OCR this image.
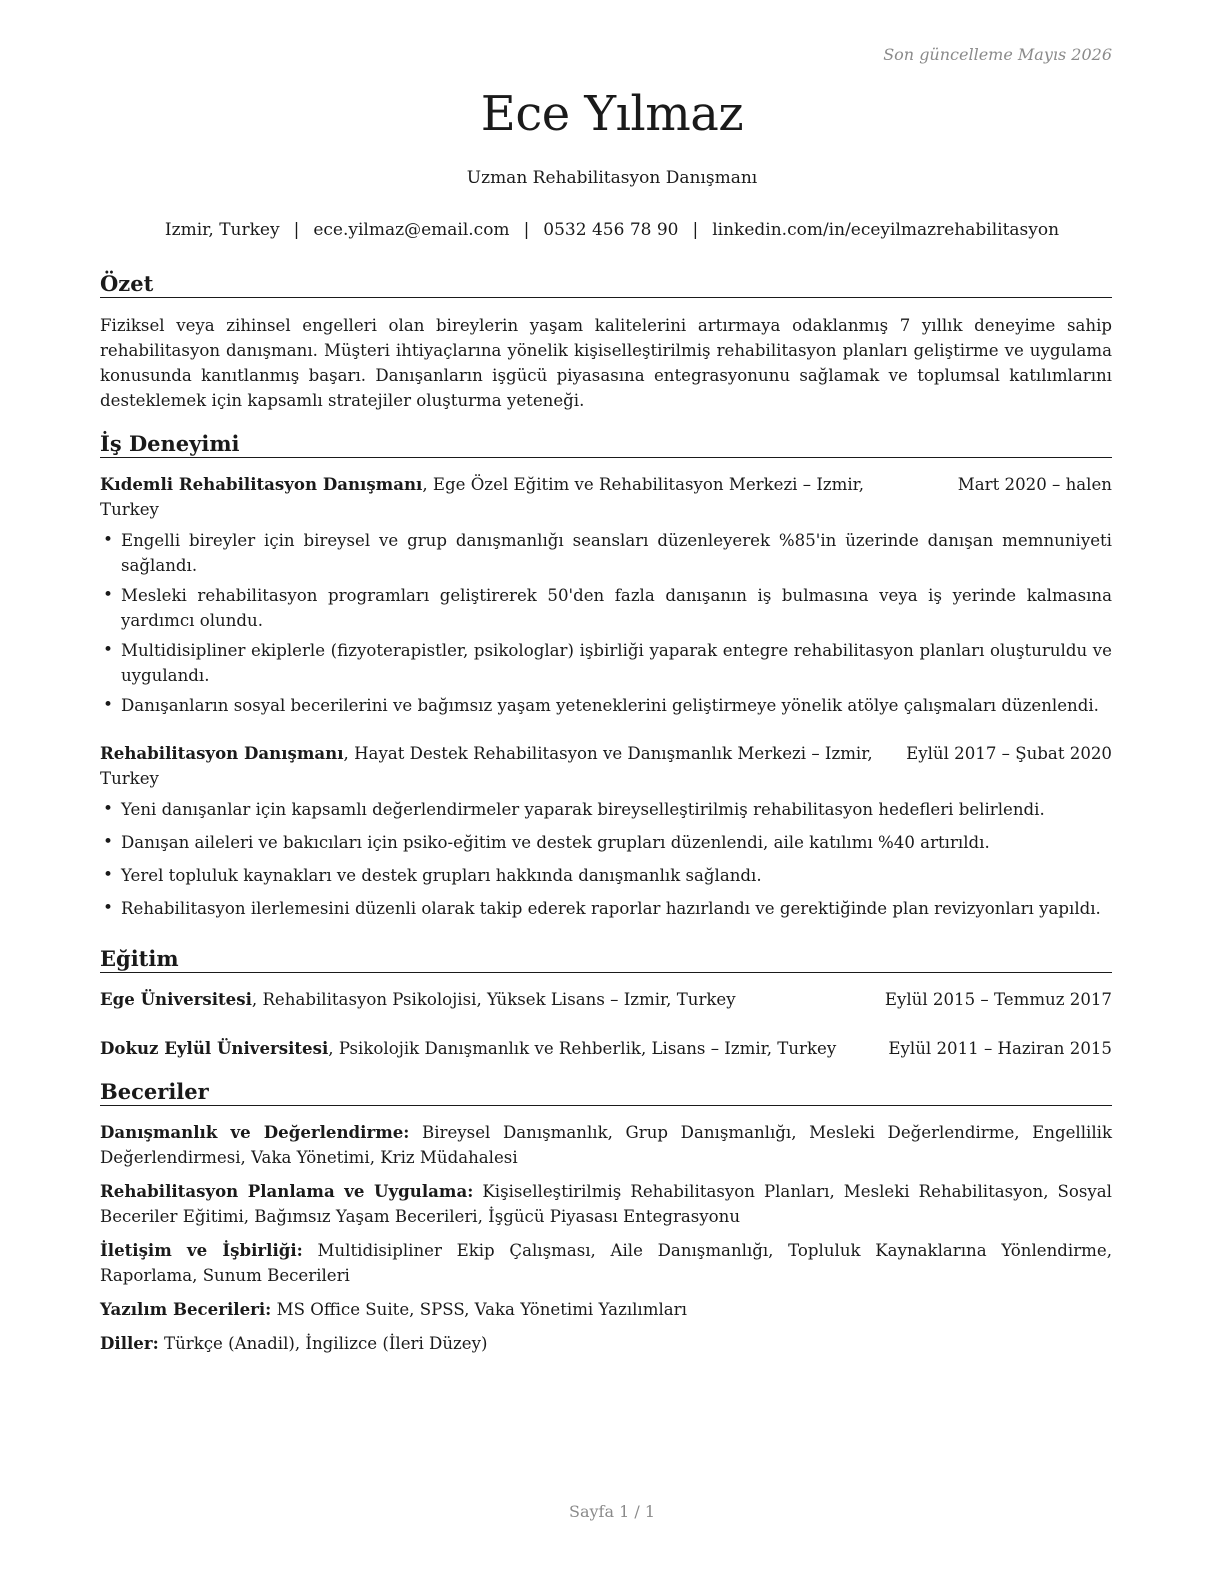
Son güncelleme Mayıs 2026
Ece Yılmaz
Uzman Rehabilitasyon Danışmanı
Izmir, Turkey | ece.yilmaz@email.com | 0532 456 78 90 | linkedin.com/in/eceyilmazrehabilitasyon
Özet
Fiziksel veya zihinsel engelleri olan bireylerin yaşam kalitelerini artırmaya odaklanmış 7 yıllık deneyime sahip rehabilitasyon danışmanı. Müşteri ihtiyaçlarına yönelik kişiselleştirilmiş rehabilitasyon planları geliştirme ve uygulama konusunda kanıtlanmış başarı. Danışanların işgücü piyasasına entegrasyonunu sağlamak ve toplumsal katılımlarını desteklemek için kapsamlı stratejiler oluşturma yeteneği.
İş Deneyimi
Kıdemli Rehabilitasyon Danışmanı, Ege Özel Eğitim ve Rehabilitasyon Merkezi – Izmir, Turkey
Mart 2020 – halen
• Engelli bireyler için bireysel ve grup danışmanlığı seansları düzenleyerek %85'in üzerinde danışan memnuniyeti sağlandı.
• Mesleki rehabilitasyon programları geliştirerek 50'den fazla danışanın iş bulmasına veya iş yerinde kalmasına yardımcı olundu.
• Multidisipliner ekiplerle (fizyoterapistler, psikologlar) işbirliği yaparak entegre rehabilitasyon planları oluşturuldu ve uygulandı.
• Danışanların sosyal becerilerini ve bağımsız yaşam yeteneklerini geliştirmeye yönelik atölye çalışmaları düzenlendi.
Rehabilitasyon Danışmanı, Hayat Destek Rehabilitasyon ve Danışmanlık Merkezi – Izmir, Turkey
Eylül 2017 – Şubat 2020
• Yeni danışanlar için kapsamlı değerlendirmeler yaparak bireyselleştirilmiş rehabilitasyon hedefleri belirlendi.
• Danışan aileleri ve bakıcıları için psiko-eğitim ve destek grupları düzenlendi, aile katılımı %40 artırıldı.
• Yerel topluluk kaynakları ve destek grupları hakkında danışmanlık sağlandı.
• Rehabilitasyon ilerlemesini düzenli olarak takip ederek raporlar hazırlandı ve gerektiğinde plan revizyonları yapıldı.
Eğitim
Ege Üniversitesi, Rehabilitasyon Psikolojisi, Yüksek Lisans – Izmir, Turkey	Eylül 2015 – Temmuz 2017
Dokuz Eylül Üniversitesi, Psikolojik Danışmanlık ve Rehberlik, Lisans – Izmir, Turkey	Eylül 2011 – Haziran 2015
Beceriler
Danışmanlık ve Değerlendirme: Bireysel Danışmanlık, Grup Danışmanlığı, Mesleki Değerlendirme, Engellilik Değerlendirmesi, Vaka Yönetimi, Kriz Müdahalesi
Rehabilitasyon Planlama ve Uygulama: Kişiselleştirilmiş Rehabilitasyon Planları, Mesleki Rehabilitasyon, Sosyal Beceriler Eğitimi, Bağımsız Yaşam Becerileri, İşgücü Piyasası Entegrasyonu
İletişim ve İşbirliği: Multidisipliner Ekip Çalışması, Aile Danışmanlığı, Topluluk Kaynaklarına Yönlendirme, Raporlama, Sunum Becerileri
Yazılım Becerileri: MS Office Suite, SPSS, Vaka Yönetimi Yazılımları
Diller: Türkçe (Anadil), İngilizce (İleri Düzey)
Sayfa 1 / 1
